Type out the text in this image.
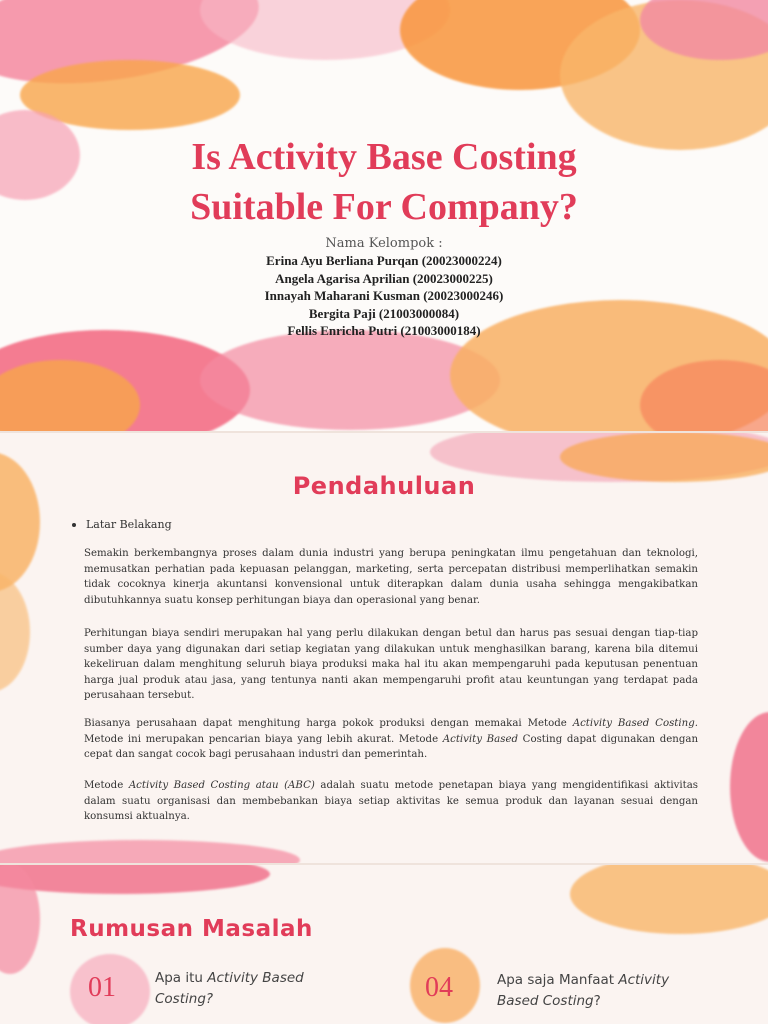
Is Activity Base Costing
Suitable For Company?
Nama Kelompok :
Erina Ayu Berliana Purqan (20023000224)
Angela Agarisa Aprilian (20023000225)
Innayah Maharani Kusman (20023000246)
Bergita Paji (21003000084)
Fellis Enricha Putri (21003000184)
Pendahuluan
Latar Belakang

Semakin berkembangnya proses dalam dunia industri yang berupa peningkatan ilmu pengetahuan dan teknologi, memusatkan perhatian pada kepuasan pelanggan, marketing, serta percepatan distribusi memperlihatkan semakin tidak cocoknya kinerja akuntansi konvensional untuk diterapkan dalam dunia usaha sehingga mengakibatkan dibutuhkannya suatu konsep perhitungan biaya dan operasional yang benar.

Perhitungan biaya sendiri merupakan hal yang perlu dilakukan dengan betul dan harus pas sesuai dengan tiap-tiap sumber daya yang digunakan dari setiap kegiatan yang dilakukan untuk menghasilkan barang, karena bila ditemui kekeliruan dalam menghitung seluruh biaya produksi maka hal itu akan mempengaruhi pada keputusan penentuan harga jual produk atau jasa, yang tentunya nanti akan mempengaruhi profit atau keuntungan yang terdapat pada perusahaan tersebut.

Biasanya perusahaan dapat menghitung harga pokok produksi dengan memakai Metode Activity Based Costing. Metode ini merupakan pencarian biaya yang lebih akurat. Metode Activity Based Costing dapat digunakan dengan cepat dan sangat cocok bagi perusahaan industri dan pemerintah.

Metode Activity Based Costing atau (ABC) adalah suatu metode penetapan biaya yang mengidentifikasi aktivitas dalam suatu organisasi dan membebankan biaya setiap aktivitas ke semua produk dan layanan sesuai dengan konsumsi aktualnya.

Rumusan Masalah
01	Apa itu Activity Based
Costing?	04	Apa saja Manfaat Activity
Based Costing?
